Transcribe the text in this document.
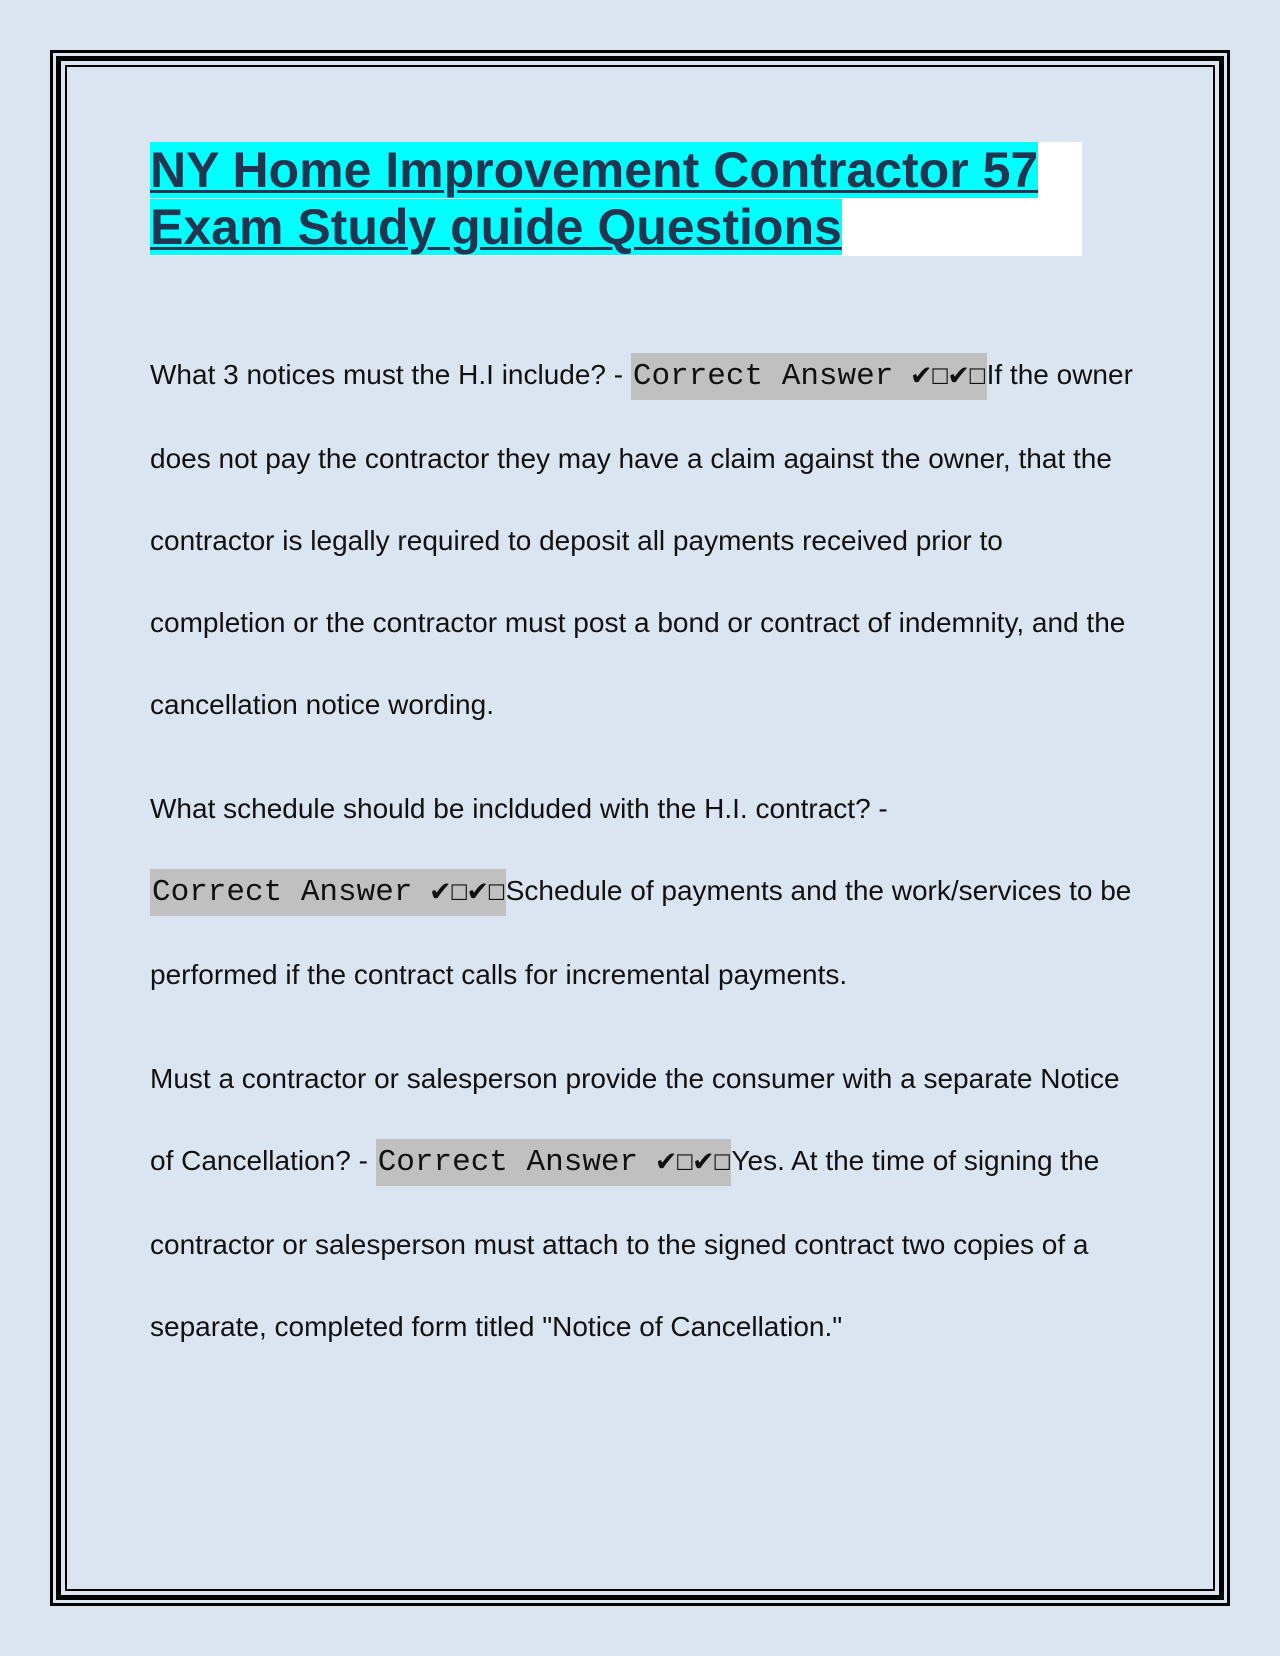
NY Home Improvement Contractor 57
Exam Study guide Questions

What 3 notices must the H.I include? - Correct Answer ✔☐✔☐If the owner does not pay the contractor they may have a claim against the owner, that the contractor is legally required to deposit all payments received prior to completion or the contractor must post a bond or contract of indemnity, and the cancellation notice wording.

What schedule should be inclduded with the H.I. contract? - Correct Answer ✔☐✔☐Schedule of payments and the work/services to be performed if the contract calls for incremental payments.

Must a contractor or salesperson provide the consumer with a separate Notice of Cancellation? - Correct Answer ✔☐✔☐Yes. At the time of signing the contractor or salesperson must attach to the signed contract two copies of a separate, completed form titled "Notice of Cancellation."
